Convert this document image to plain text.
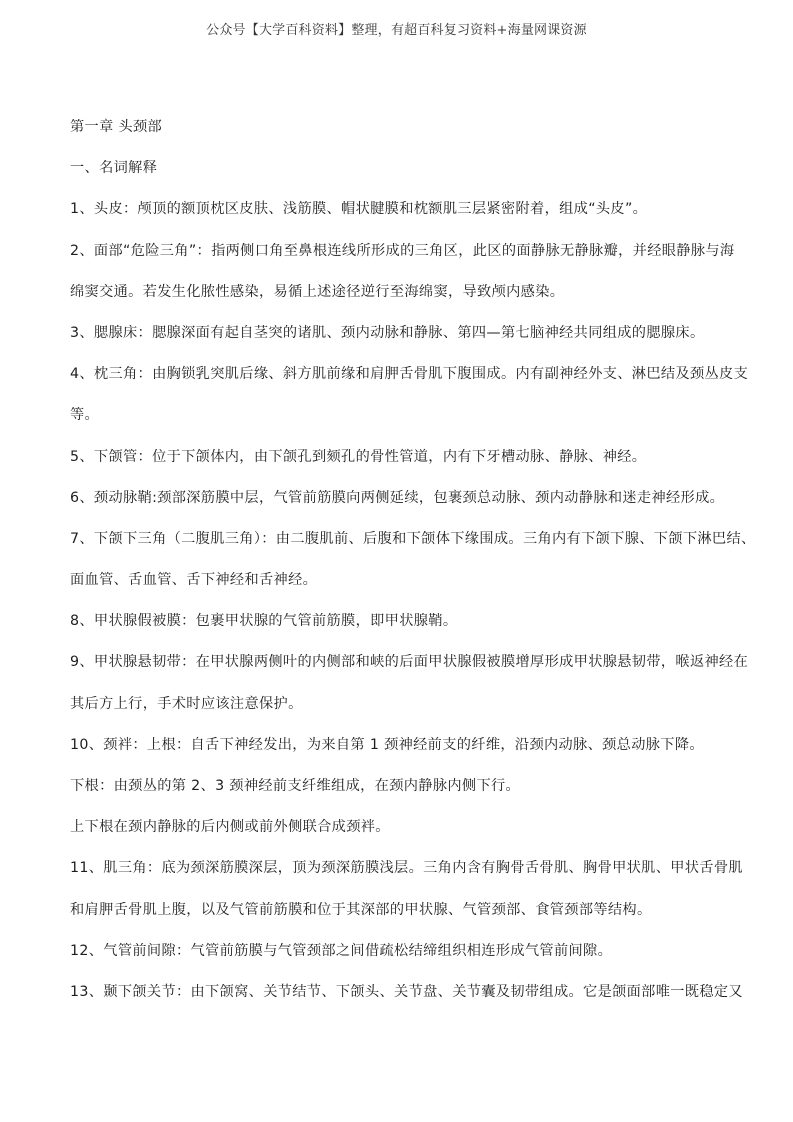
公众号【大学百科资料】整理，有超百科复习资料+海量网课资源
第一章 头颈部
一、名词解释
1、头皮：颅顶的额顶枕区皮肤、浅筋膜、帽状腱膜和枕额肌三层紧密附着，组成“头皮”。
2、面部“危险三角”：指两侧口角至鼻根连线所形成的三角区，此区的面静脉无静脉瓣，并经眼静脉与海
绵窦交通。若发生化脓性感染，易循上述途径逆行至海绵窦，导致颅内感染。
3、腮腺床：腮腺深面有起自茎突的诸肌、颈内动脉和静脉、第四—第七脑神经共同组成的腮腺床。
4、枕三角：由胸锁乳突肌后缘、斜方肌前缘和肩胛舌骨肌下腹围成。内有副神经外支、淋巴结及颈丛皮支
等。
5、下颌管：位于下颌体内，由下颌孔到颏孔的骨性管道，内有下牙槽动脉、静脉、神经。
6、颈动脉鞘:颈部深筋膜中层，气管前筋膜向两侧延续，包裹颈总动脉、颈内动静脉和迷走神经形成。
7、下颌下三角（二腹肌三角）：由二腹肌前、后腹和下颌体下缘围成。三角内有下颌下腺、下颌下淋巴结、
面血管、舌血管、舌下神经和舌神经。
8、甲状腺假被膜：包裹甲状腺的气管前筋膜，即甲状腺鞘。
9、甲状腺悬韧带：在甲状腺两侧叶的内侧部和峡的后面甲状腺假被膜增厚形成甲状腺悬韧带，喉返神经在
其后方上行，手术时应该注意保护。
10、颈袢：上根：自舌下神经发出，为来自第 1 颈神经前支的纤维，沿颈内动脉、颈总动脉下降。
下根：由颈丛的第 2、3 颈神经前支纤维组成，在颈内静脉内侧下行。
上下根在颈内静脉的后内侧或前外侧联合成颈袢。
11、肌三角：底为颈深筋膜深层，顶为颈深筋膜浅层。三角内含有胸骨舌骨肌、胸骨甲状肌、甲状舌骨肌
和肩胛舌骨肌上腹，以及气管前筋膜和位于其深部的甲状腺、气管颈部、食管颈部等结构。
12、气管前间隙：气管前筋膜与气管颈部之间借疏松结缔组织相连形成气管前间隙。
13、颞下颌关节：由下颌窝、关节结节、下颌头、关节盘、关节囊及韧带组成。它是颌面部唯一既稳定又
